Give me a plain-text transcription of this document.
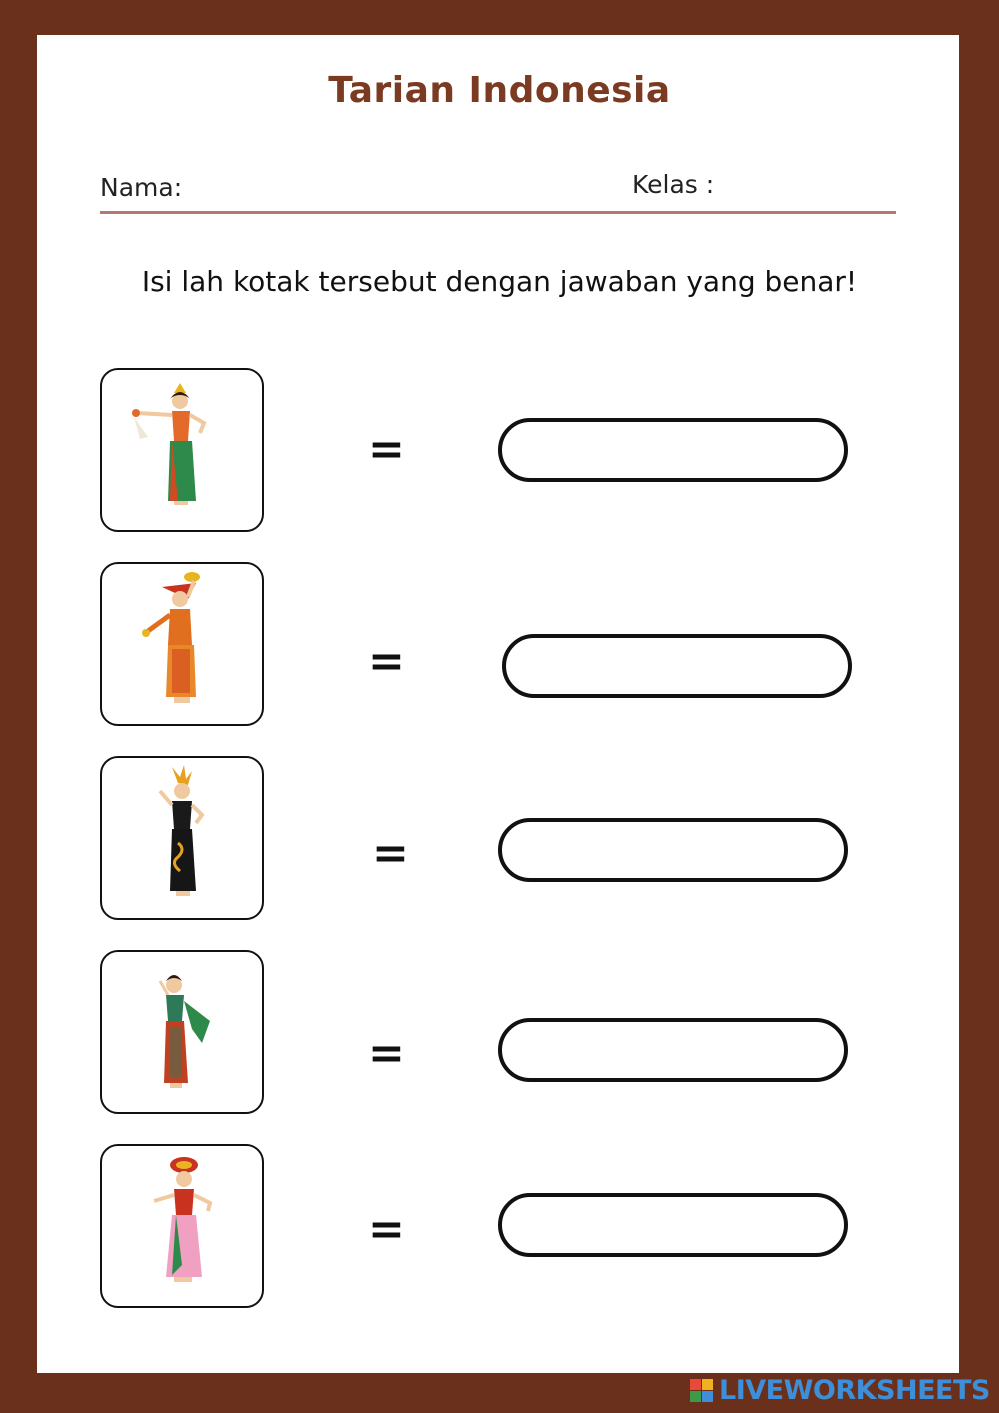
Tarian Indonesia
Nama:	Kelas :
Isi lah kotak tersebut dengan jawaban yang benar!
=
=
=
=
=
LIVEWORKSHEETS
